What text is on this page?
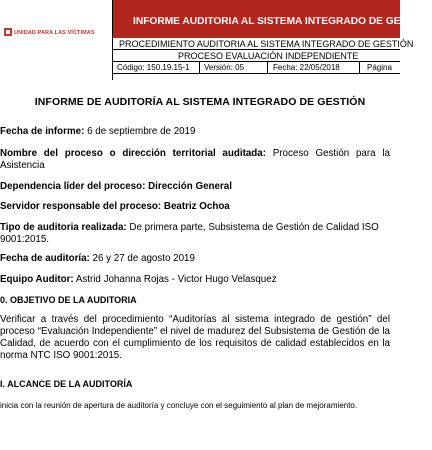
UNIDAD PARA LAS VÍCTIMAS
INFORME AUDITORIA AL SISTEMA INTEGRADO DE GESTIÓN
PROCEDIMIENTO AUDITORIA AL SISTEMA INTEGRADO DE GESTIÓN
PROCESO EVALUACIÓN INDEPENDIENTE
Código: 150.19.15-1 Versión: 05	Fecha: 22/05/2018	Página
INFORME DE AUDITORÍA AL SISTEMA INTEGRADO DE GESTIÓN
Fecha de informe: 6 de septiembre de 2019
Nombre del proceso o dirección territorial auditada: Proceso Gestión para la Asistencia
Dependencia líder del proceso: Dirección General
Servidor responsable del proceso: Beatriz Ochoa
Tipo de auditoria realizada: De primera parte, Subsistema de Gestión de Calidad ISO 9001:2015.
Fecha de auditoría: 26 y 27 de agosto 2019
Equipo Auditor: Astrid Johanna Rojas - Victor Hugo Velasquez
0. OBJETIVO DE LA AUDITORIA
Verificar a través del procedimiento “Auditorías al sistema integrado de gestión” del proceso “Evaluación Independiente” el nivel de madurez del Subsistema de Gestión de la Calidad, de acuerdo con el cumplimiento de los requisitos de calidad establecidos en la norma NTC ISO 9001:2015.
I. ALCANCE DE LA AUDITORÍA
inicia con la reunión de apertura de auditoría y concluye con el seguimiento al plan de mejoramiento.
